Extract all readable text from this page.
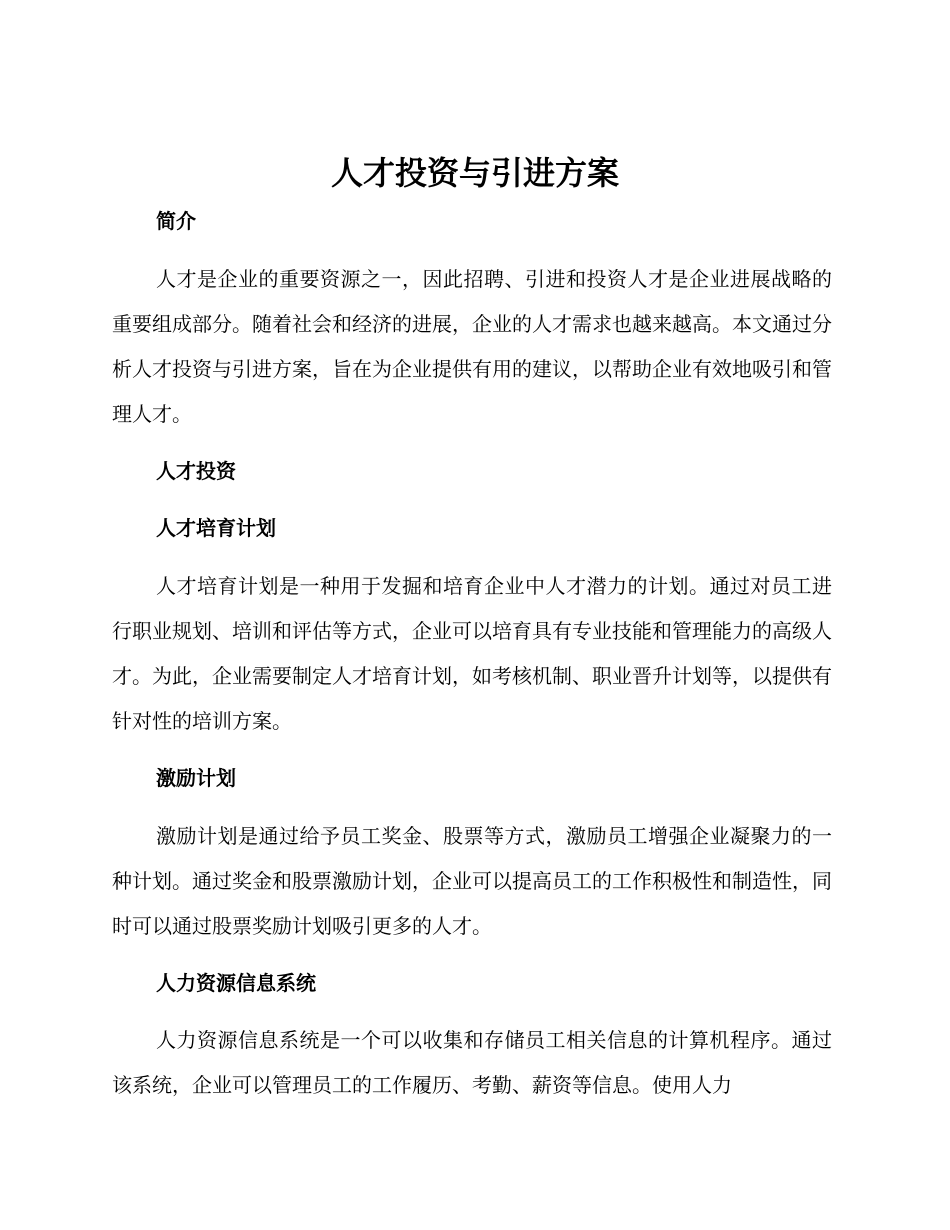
人才投资与引进方案
简介
人才是企业的重要资源之一，因此招聘、引进和投资人才是企业进展战略的重要组成部分。随着社会和经济的进展，企业的人才需求也越来越高。本文通过分析人才投资与引进方案，旨在为企业提供有用的建议，以帮助企业有效地吸引和管理人才。
人才投资
人才培育计划
人才培育计划是一种用于发掘和培育企业中人才潜力的计划。通过对员工进行职业规划、培训和评估等方式，企业可以培育具有专业技能和管理能力的高级人才。为此，企业需要制定人才培育计划，如考核机制、职业晋升计划等，以提供有针对性的培训方案。
激励计划
激励计划是通过给予员工奖金、股票等方式，激励员工增强企业凝聚力的一种计划。通过奖金和股票激励计划，企业可以提高员工的工作积极性和制造性，同时可以通过股票奖励计划吸引更多的人才。
人力资源信息系统
人力资源信息系统是一个可以收集和存储员工相关信息的计算机程序。通过该系统，企业可以管理员工的工作履历、考勤、薪资等信息。使用人力
